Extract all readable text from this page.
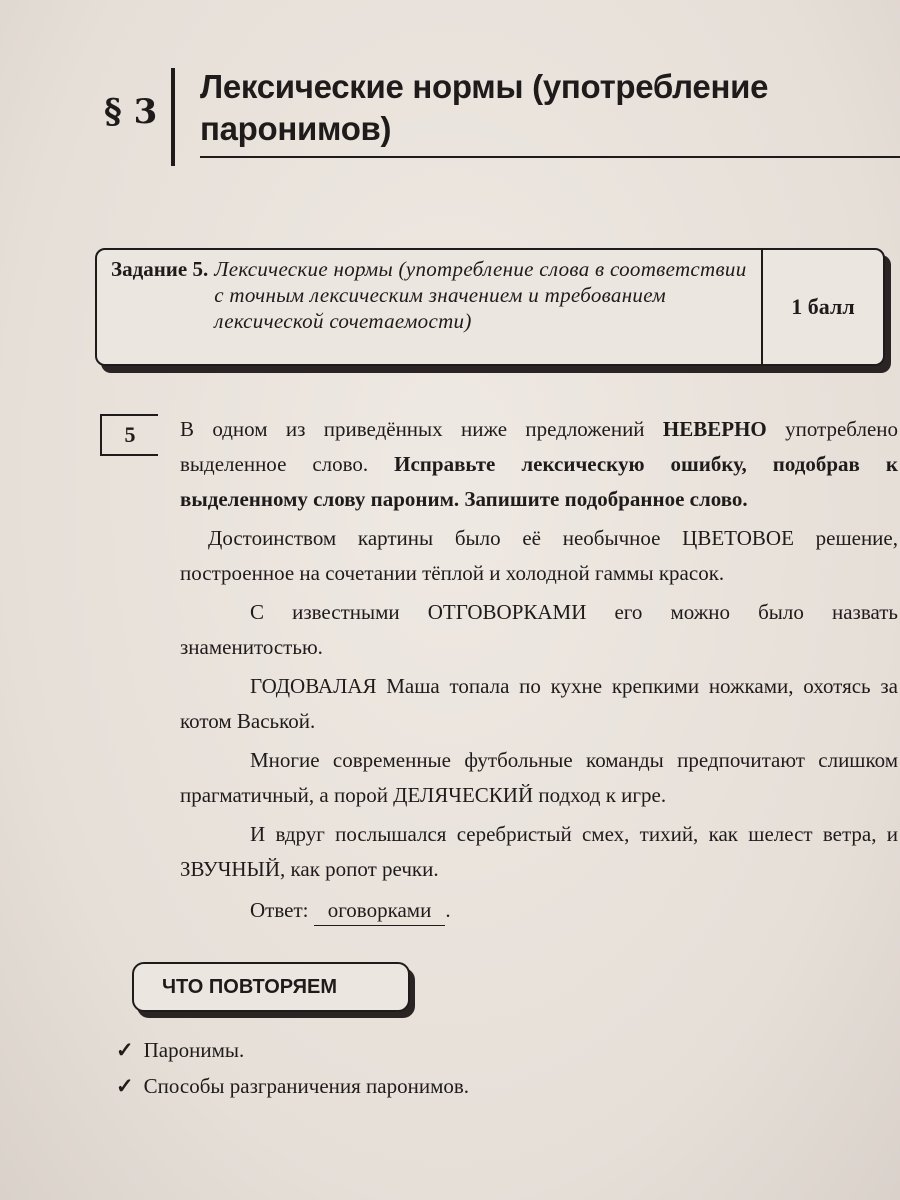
§ 3
Лексические нормы (употребление
паронимов)
Задание 5. Лексические нормы (употребление слова в соответствии с точным лексическим значением и требованием лексической сочетаемости)
1 балл
5	В одном из приведённых ниже предложений НЕВЕРНО употреблено выделенное слово. Исправьте лексическую ошибку, подобрав к выделенному слову пароним. Запишите подобранное слово.

Достоинством картины было её необычное ЦВЕТОВОЕ решение, построенное на сочетании тёплой и холодной гаммы красок.

С известными ОТГОВОРКАМИ его можно было назвать знаменитостью.

ГОДОВАЛАЯ Маша топала по кухне крепкими ножками, охотясь за котом Васькой.

Многие современные футбольные команды предпочитают слишком прагматичный, а порой ДЕЛЯЧЕСКИЙ подход к игре.

И вдруг послышался серебристый смех, тихий, как шелест ветра, и ЗВУЧНЫЙ, как ропот речки.

Ответ: оговорками .

ЧТО ПОВТОРЯЕМ
✓ Паронимы.
✓ Способы разграничения паронимов.
